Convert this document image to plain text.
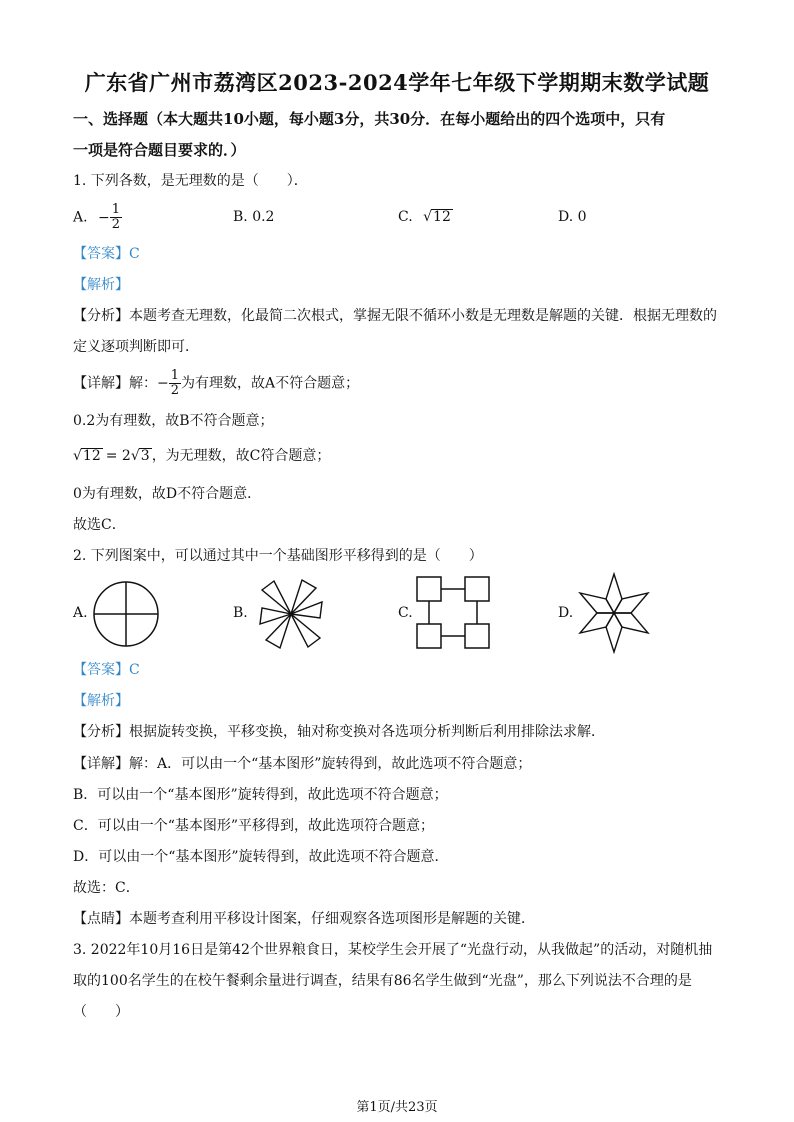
广东省广州市荔湾区2023-2024学年七年级下学期期末数学试题
一、选择题（本大题共10小题，每小题3分，共30分．在每小题给出的四个选项中，只有
一项是符合题目要求的．）
1. 下列各数，是无理数的是（　　）．
A. − $\frac{1}{2}$	B. 0.2	C. √12	D. 0
【答案】C
【解析】
【分析】本题考查无理数，化最简二次根式，掌握无限不循环小数是无理数是解题的关键．根据无理数的
定义逐项判断即可．
【详解】解：− $\frac{1}{2}$ 为有理数，故A不符合题意；
0.2为有理数，故B不符合题意；
√12 = 2√3 ，为无理数，故C符合题意；
0为有理数，故D不符合题意．
故选C．
2. 下列图案中，可以通过其中一个基础图形平移得到的是（　　）
A.	B.	C.	D.
【答案】C
【解析】
【分析】根据旋转变换，平移变换，轴对称变换对各选项分析判断后利用排除法求解．
【详解】解：A．可以由一个“基本图形”旋转得到，故此选项不符合题意；
B．可以由一个“基本图形”旋转得到，故此选项不符合题意；
C．可以由一个“基本图形”平移得到，故此选项符合题意；
D．可以由一个“基本图形”旋转得到，故此选项不符合题意．
故选：C．
【点睛】本题考查利用平移设计图案，仔细观察各选项图形是解题的关键．
3. 2022年10月16日是第42个世界粮食日，某校学生会开展了“光盘行动，从我做起”的活动，对随机抽
取的100名学生的在校午餐剩余量进行调查，结果有86名学生做到“光盘”，那么下列说法不合理的是
（　　）
第1页/共23页
